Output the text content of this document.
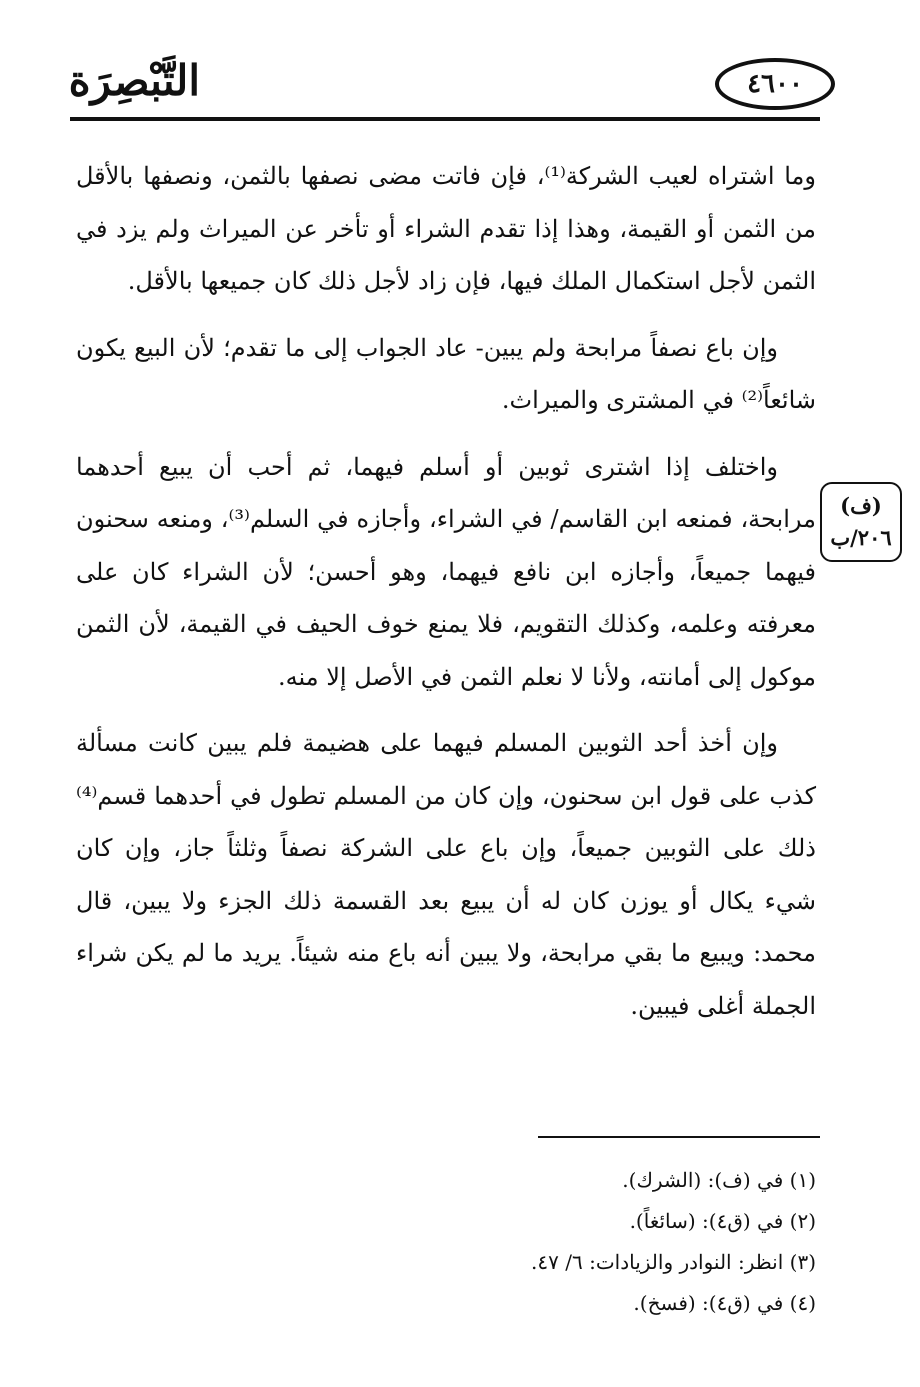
التَّبْصِرَة	٤٦٠٠

وما اشتراه لعيب الشركة⁽¹⁾، فإن فاتت مضى نصفها بالثمن، ونصفها بالأقل من الثمن أو القيمة، وهذا إذا تقدم الشراء أو تأخر عن الميراث ولم يزد في الثمن لأجل استكمال الملك فيها، فإن زاد لأجل ذلك كان جميعها بالأقل.

وإن باع نصفاً مرابحة ولم يبين- عاد الجواب إلى ما تقدم؛ لأن البيع يكون شائعاً⁽²⁾ في المشترى والميراث.

واختلف إذا اشترى ثوبين أو أسلم فيهما، ثم أحب أن يبيع أحدهما مرابحة، فمنعه ابن القاسم/ في الشراء، وأجازه في السلم⁽³⁾، ومنعه سحنون فيهما جميعاً، وأجازه ابن نافع فيهما، وهو أحسن؛ لأن الشراء كان على معرفته وعلمه، وكذلك التقويم، فلا يمنع خوف الحيف في القيمة، لأن الثمن موكول إلى أمانته، ولأنا لا نعلم الثمن في الأصل إلا منه.

وإن أخذ أحد الثوبين المسلم فيهما على هضيمة فلم يبين كانت مسألة كذب على قول ابن سحنون، وإن كان من المسلم تطول في أحدهما قسم⁽⁴⁾ ذلك على الثوبين جميعاً، وإن باع على الشركة نصفاً وثلثاً جاز، وإن كان شيء يكال أو يوزن كان له أن يبيع بعد القسمة ذلك الجزء ولا يبين، قال محمد: ويبيع ما بقي مرابحة، ولا يبين أنه باع منه شيئاً. يريد ما لم يكن شراء الجملة أغلى فيبين.

(ف)
٢٠٦/ب
(١) في (ف): (الشرك).
(٢) في (ق٤): (سائغاً).
(٣) انظر: النوادر والزيادات: ٦/ ٤٧.
(٤) في (ق٤): (فسخ).
